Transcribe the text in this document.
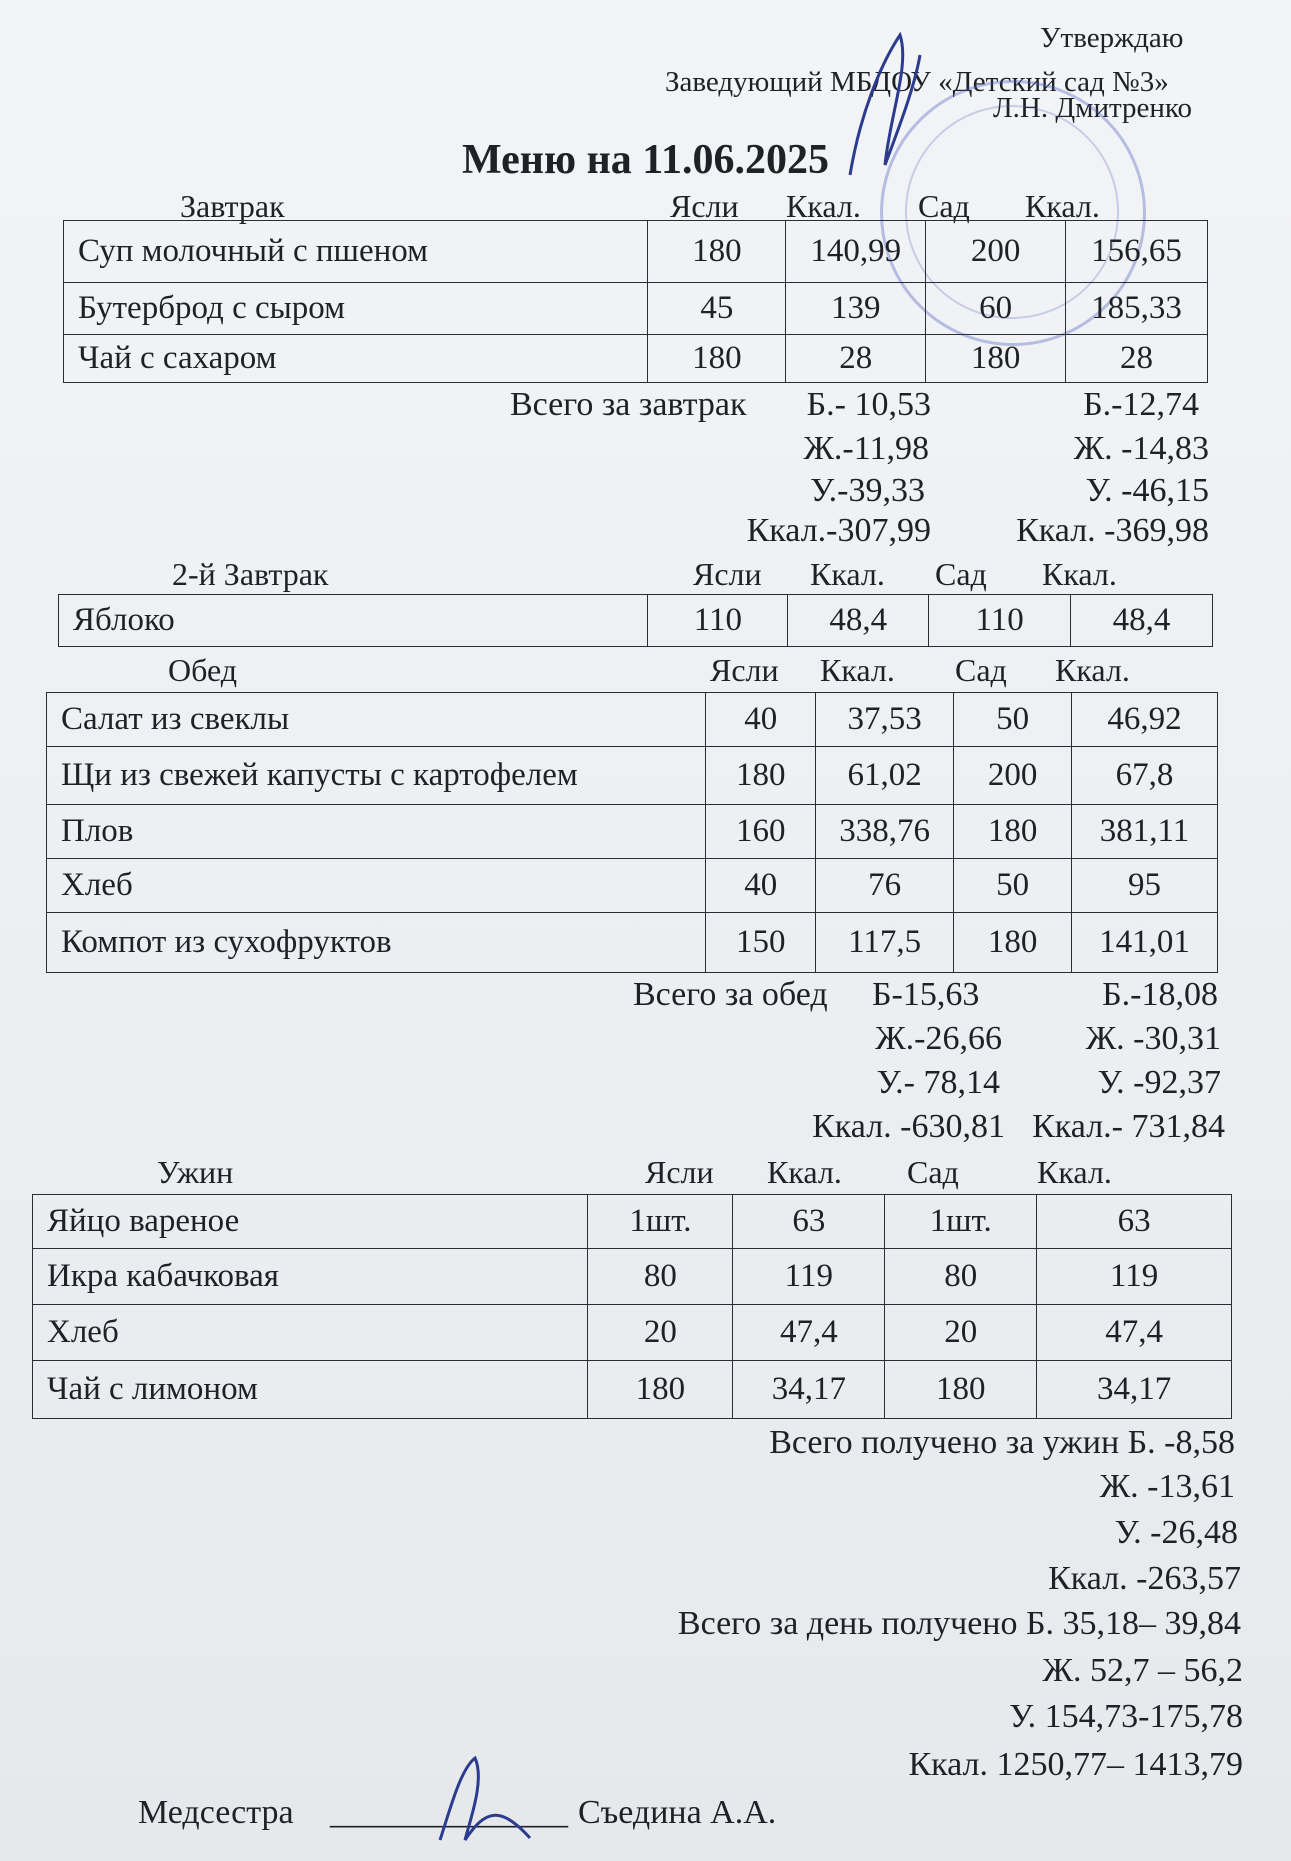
Утверждаю
Заведующий МБДОУ «Детский сад №3»
Л.Н. Дмитренко
Меню на 11.06.2025
Завтрак	Ясли Ккал. Сад Ккал.
Суп молочный с пшеном	180	140,99	200	156,65
Бутерброд с сыром	45	139	60	185,33
Чай с сахаром	180	28	180	28
Всего за завтрак Б.- 10,53	Б.-12,74
Ж.-11,98	Ж. -14,83
У.-39,33	У. -46,15
Ккал.-307,99	Ккал. -369,98
2-й Завтрак	Ясли Ккал. Сад Ккал.
Яблоко	110	48,4	110	48,4
Обед	Ясли Ккал. Сад Ккал.
Салат из свеклы	40	37,53	50	46,92
Щи из свежей капусты с картофелем	180	61,02	200	67,8
Плов	160	338,76	180	381,11
Хлеб	40	76	50	95
Компот из сухофруктов	150	117,5	180	141,01
Всего за обед Б-15,63	Б.-18,08
Ж.-26,66 Ж. -30,31
У.- 78,14	У. -92,37
Ккал. -630,81 Ккал.- 731,84
Ужин	Ясли Ккал. Сад Ккал.
Яйцо вареное	1шт.	63	1шт.	63
Икра кабачковая	80	119	80	119
Хлеб	20	47,4	20	47,4
Чай с лимоном	180	34,17	180	34,17
Всего получено за ужин Б. -8,58
Ж. -13,61
У. -26,48
Ккал. -263,57
Всего за день получено Б. 35,18– 39,84
Ж. 52,7 – 56,2
У. 154,73-175,78
Ккал. 1250,77– 1413,79
Медсестра ______________ Съедина А.А.
